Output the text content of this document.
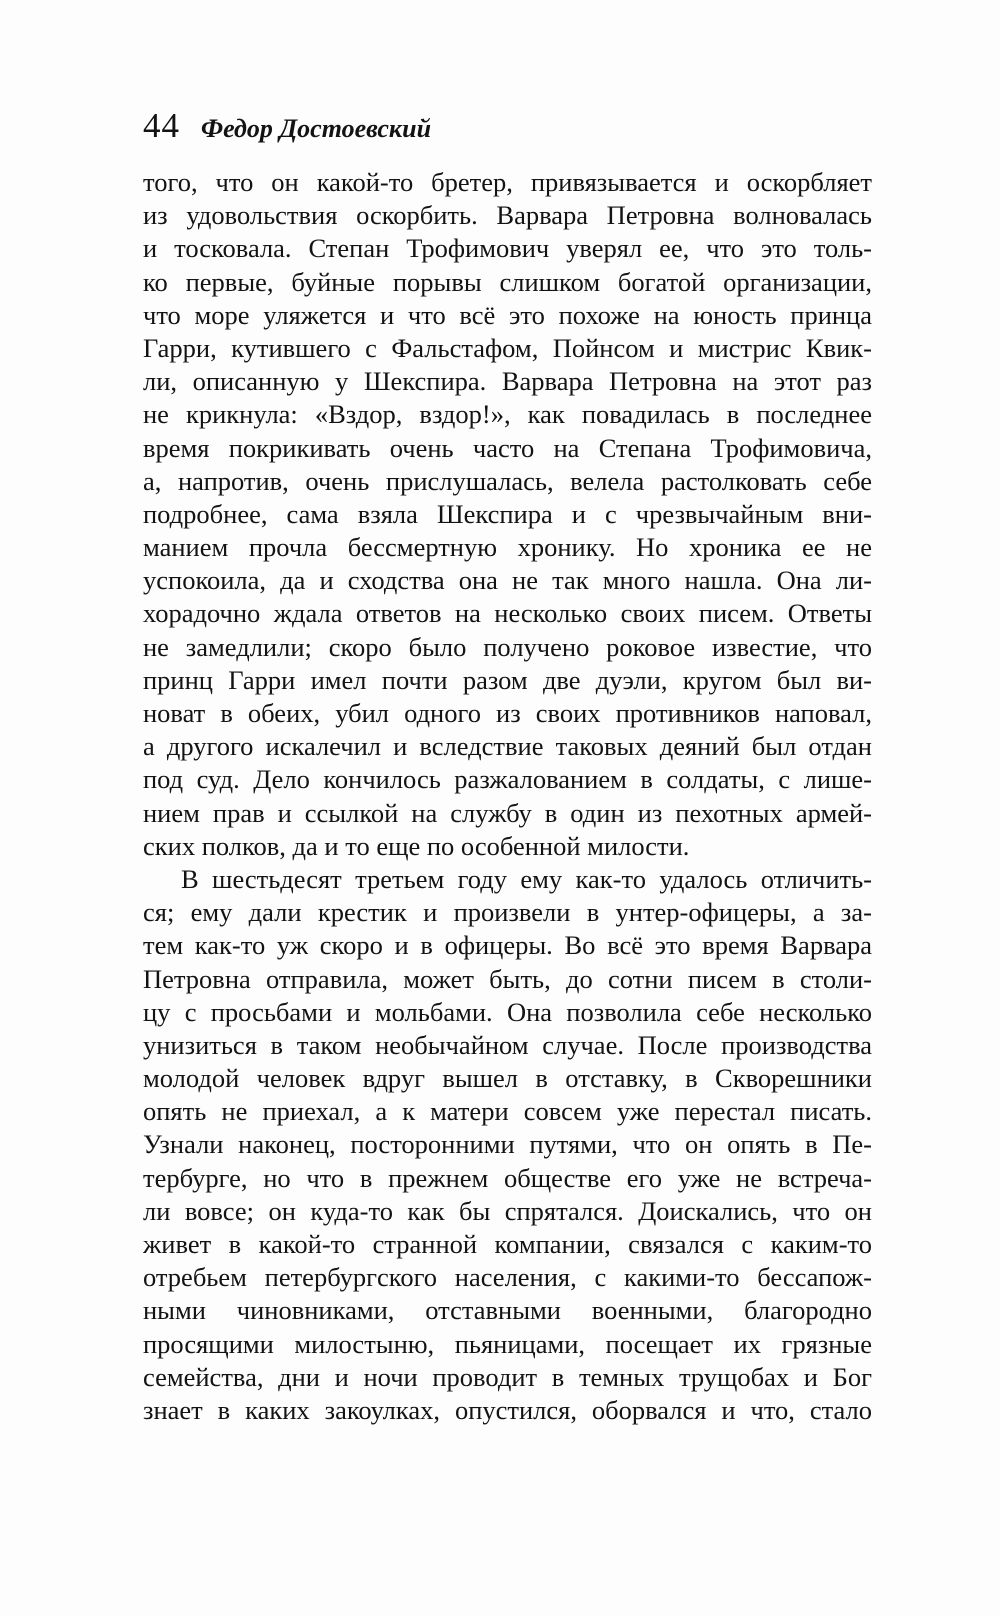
44 Федор Достоевский
того, что он какой-то бретер, привязывается и оскорбляет
из удовольствия оскорбить. Варвара Петровна волновалась
и тосковала. Степан Трофимович уверял ее, что это толь-
ко первые, буйные порывы слишком богатой организации,
что море уляжется и что всё это похоже на юность принца
Гарри, кутившего с Фальстафом, Пойнсом и мистрис Квик-
ли, описанную у Шекспира. Варвара Петровна на этот раз
не крикнула: «Вздор, вздор!», как повадилась в последнее
время покрикивать очень часто на Степана Трофимовича,
а, напротив, очень прислушалась, велела растолковать себе
подробнее, сама взяла Шекспира и с чрезвычайным вни-
манием прочла бессмертную хронику. Но хроника ее не
успокоила, да и сходства она не так много нашла. Она ли-
хорадочно ждала ответов на несколько своих писем. Ответы
не замедлили; скоро было получено роковое известие, что
принц Гарри имел почти разом две дуэли, кругом был ви-
новат в обеих, убил одного из своих противников наповал,
а другого искалечил и вследствие таковых деяний был отдан
под суд. Дело кончилось разжалованием в солдаты, с лише-
нием прав и ссылкой на службу в один из пехотных армей-
ских полков, да и то еще по особенной милости.
В шестьдесят третьем году ему как-то удалось отличить-
ся; ему дали крестик и произвели в унтер-офицеры, а за-
тем как-то уж скоро и в офицеры. Во всё это время Варвара
Петровна отправила, может быть, до сотни писем в столи-
цу с просьбами и мольбами. Она позволила себе несколько
унизиться в таком необычайном случае. После производства
молодой человек вдруг вышел в отставку, в Скворешники
опять не приехал, а к матери совсем уже перестал писать.
Узнали наконец, посторонними путями, что он опять в Пе-
тербурге, но что в прежнем обществе его уже не встреча-
ли вовсе; он куда-то как бы спрятался. Доискались, что он
живет в какой-то странной компании, связался с каким-то
отребьем петербургского населения, с какими-то бессапож-
ными чиновниками, отставными военными, благородно
просящими милостыню, пьяницами, посещает их грязные
семейства, дни и ночи проводит в темных трущобах и Бог
знает в каких закоулках, опустился, оборвался и что, стало
